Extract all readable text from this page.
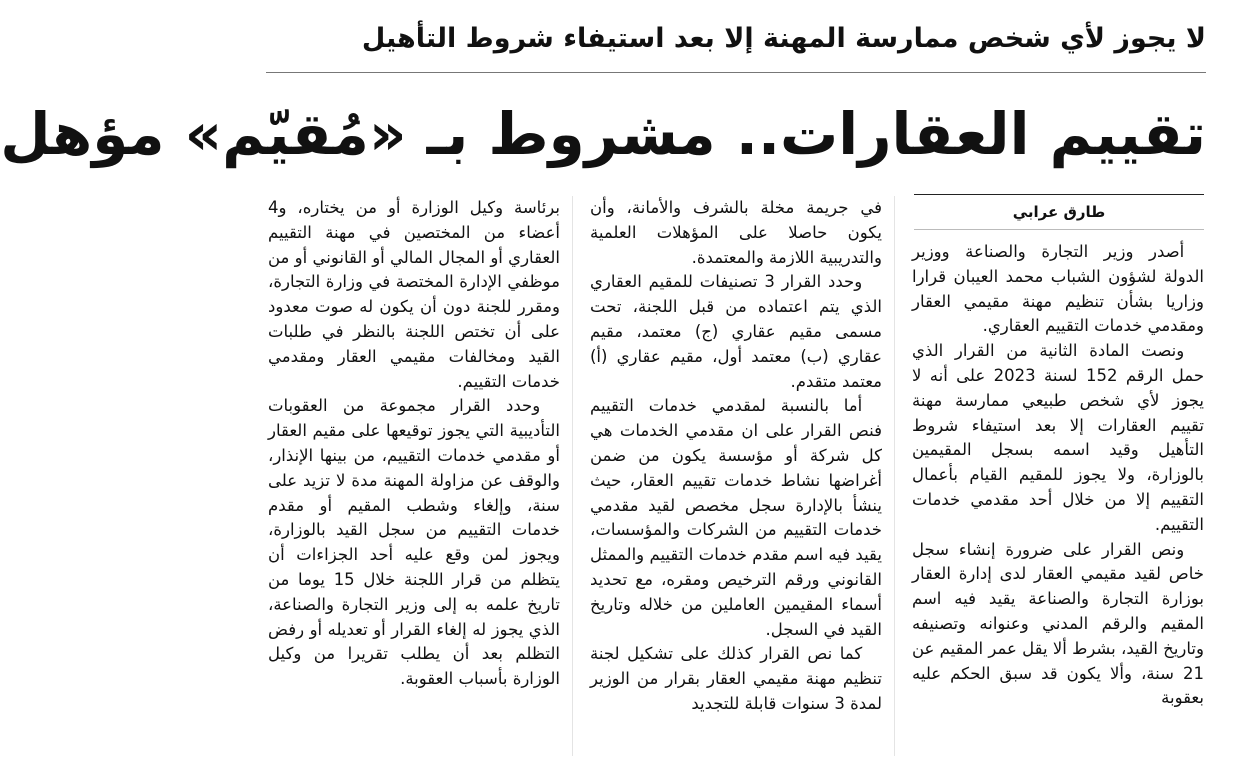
لا يجوز لأي شخص ممارسة المهنة إلا بعد استيفاء شروط التأهيل
تقييم العقارات.. مشروط بـ «مُقيّم» مؤهل
طارق عرابي

أصدر وزير التجارة والصناعة ووزير الدولة لشؤون الشباب محمد العيبان قرارا وزاريا بشأن تنظيم مهنة مقيمي العقار ومقدمي خدمات التقييم العقاري.

ونصت المادة الثانية من القرار الذي حمل الرقم 152 لسنة 2023 على أنه لا يجوز لأي شخص طبيعي ممارسة مهنة تقييم العقارات إلا بعد استيفاء شروط التأهيل وقيد اسمه بسجل المقيمين بالوزارة، ولا يجوز للمقيم القيام بأعمال التقييم إلا من خلال أحد مقدمي خدمات التقييم.

ونص القرار على ضرورة إنشاء سجل خاص لقيد مقيمي العقار لدى إدارة العقار بوزارة التجارة والصناعة يقيد فيه اسم المقيم والرقم المدني وعنوانه وتصنيفه وتاريخ القيد، بشرط ألا يقل عمر المقيم عن 21 سنة، وألا يكون قد سبق الحكم عليه بعقوبة

في جريمة مخلة بالشرف والأمانة، وأن يكون حاصلا على المؤهلات العلمية والتدريبية اللازمة والمعتمدة.

وحدد القرار 3 تصنيفات للمقيم العقاري الذي يتم اعتماده من قبل اللجنة، تحت مسمى مقيم عقاري (ج) معتمد، مقيم عقاري (ب) معتمد أول، مقيم عقاري (أ) معتمد متقدم.

أما بالنسبة لمقدمي خدمات التقييم فنص القرار على ان مقدمي الخدمات هي كل شركة أو مؤسسة يكون من ضمن أغراضها نشاط خدمات تقييم العقار، حيث ينشأ بالإدارة سجل مخصص لقيد مقدمي خدمات التقييم من الشركات والمؤسسات، يقيد فيه اسم مقدم خدمات التقييم والممثل القانوني ورقم الترخيص ومقره، مع تحديد أسماء المقيمين العاملين من خلاله وتاريخ القيد في السجل.

كما نص القرار كذلك على تشكيل لجنة تنظيم مهنة مقيمي العقار بقرار من الوزير لمدة 3 سنوات قابلة للتجديد

برئاسة وكيل الوزارة أو من يختاره، و4 أعضاء من المختصين في مهنة التقييم العقاري أو المجال المالي أو القانوني أو من موظفي الإدارة المختصة في وزارة التجارة، ومقرر للجنة دون أن يكون له صوت معدود على أن تختص اللجنة بالنظر في طلبات القيد ومخالفات مقيمي العقار ومقدمي خدمات التقييم.

وحدد القرار مجموعة من العقوبات التأديبية التي يجوز توقيعها على مقيم العقار أو مقدمي خدمات التقييم، من بينها الإنذار، والوقف عن مزاولة المهنة مدة لا تزيد على سنة، وإلغاء وشطب المقيم أو مقدم خدمات التقييم من سجل القيد بالوزارة، ويجوز لمن وقع عليه أحد الجزاءات أن يتظلم من قرار اللجنة خلال 15 يوما من تاريخ علمه به إلى وزير التجارة والصناعة، الذي يجوز له إلغاء القرار أو تعديله أو رفض التظلم بعد أن يطلب تقريرا من وكيل الوزارة بأسباب العقوبة.
